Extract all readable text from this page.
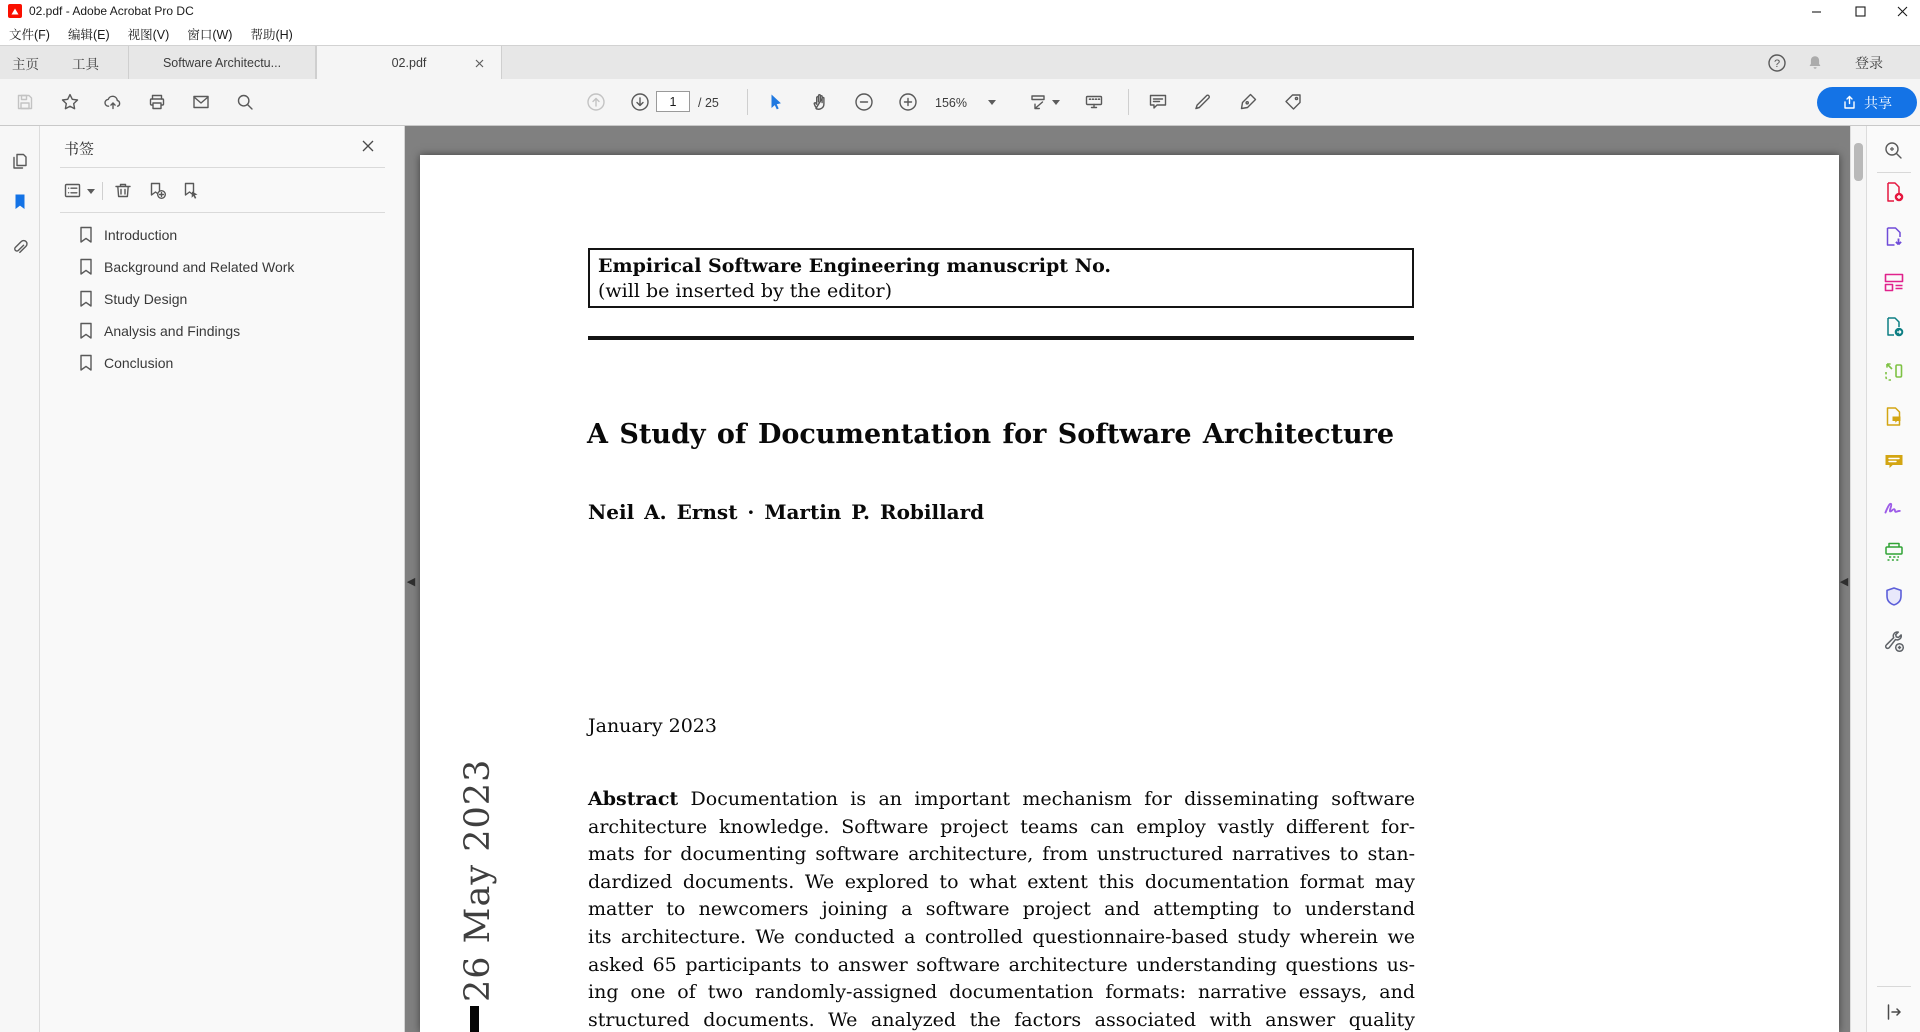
02.pdf - Adobe Acrobat Pro DC
文件(F)	编辑(E)	视图(V)	窗口(W)	帮助(H)
主页 工具	Software Architectu...	02.pdf	?	登录
1	/ 25	156%	共享
书签
Introduction
Background and Related Work
Study Design
Analysis and Findings
Conclusion
Empirical Software Engineering manuscript No.
(will be inserted by the editor)
A Study of Documentation for Software Architecture
Neil A. Ernst · Martin P. Robillard
January 2023
Abstract Documentation is an important mechanism for disseminating software
architecture knowledge. Software project teams can employ vastly different for-
mats for documenting software architecture, from unstructured narratives to stan-
dardized documents. We explored to what extent this documentation format may
matter to newcomers joining a software project and attempting to understand
its architecture. We conducted a controlled questionnaire-based study wherein we
asked 65 participants to answer software architecture understanding questions us-
ing one of two randomly-assigned documentation formats: narrative essays, and
structured documents. We analyzed the factors associated with answer quality
26 May 2023
◀	◀
